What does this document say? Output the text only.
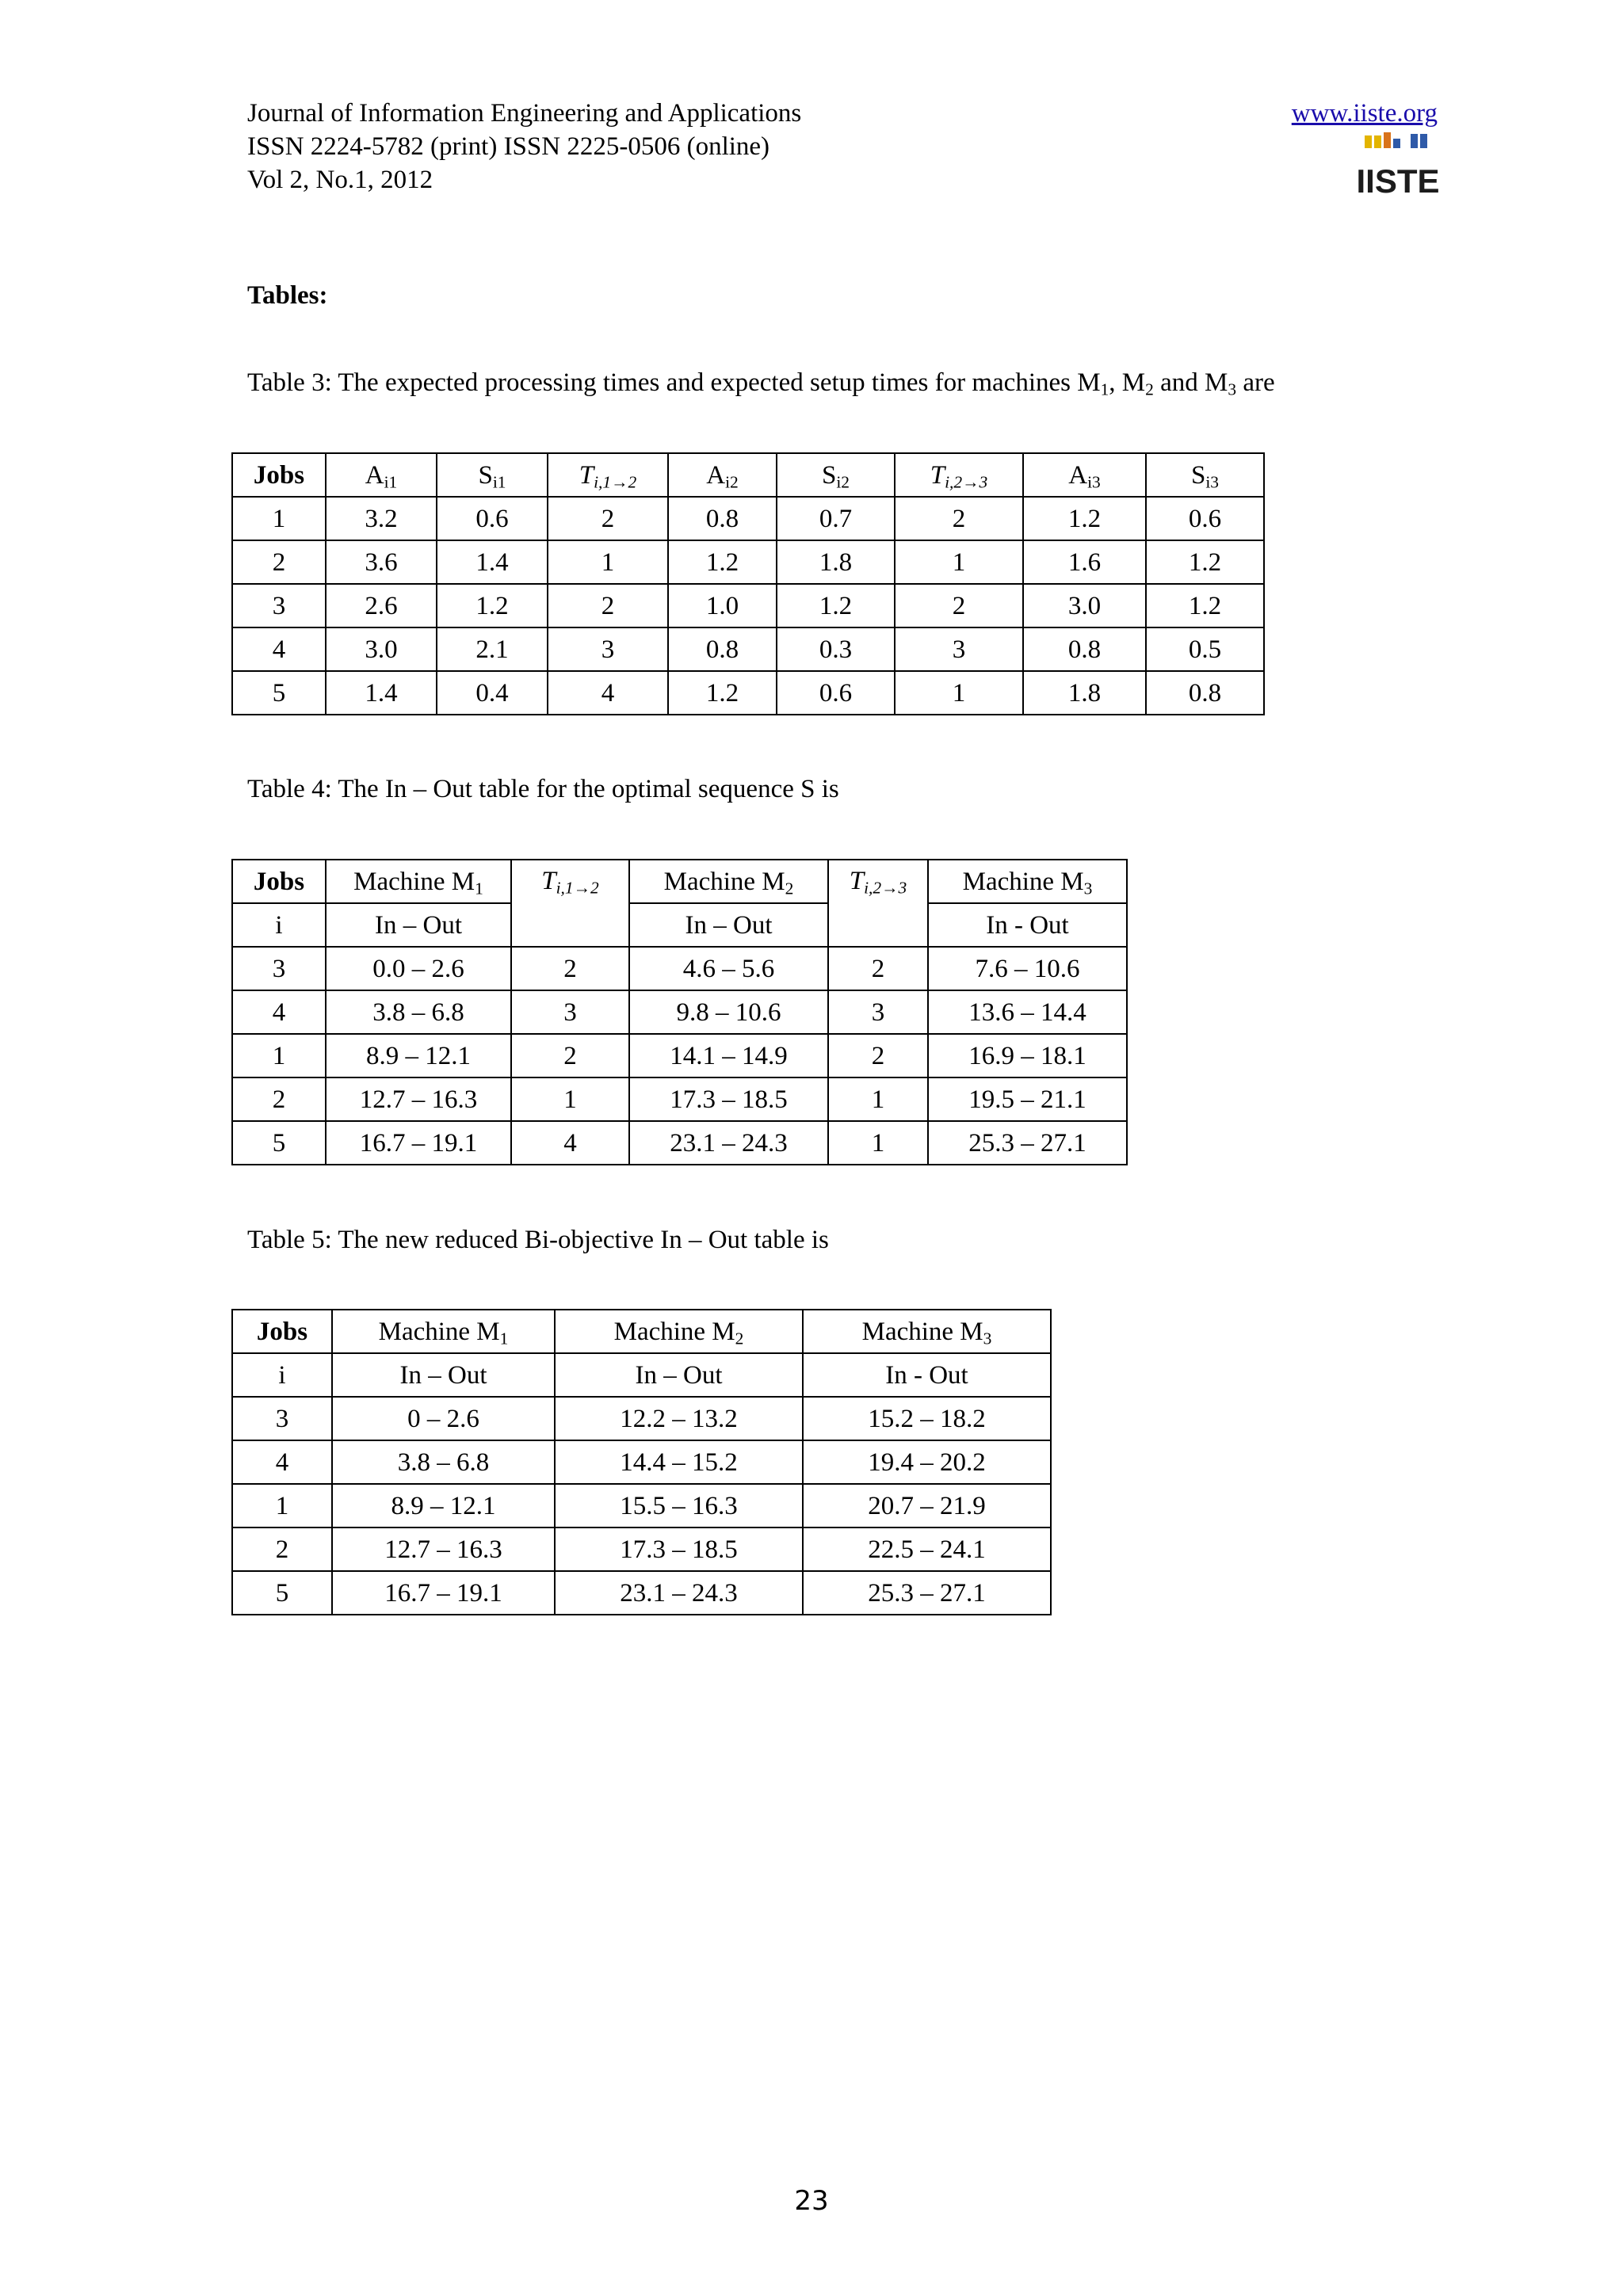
Journal of Information Engineering and Applications
ISSN 2224-5782 (print) ISSN 2225-0506 (online)
Vol 2, No.1, 2012
www.iiste.org
IISTE
Tables:
Table 3: The expected processing times and expected setup times for machines $M_1$, $M_2$ and $M_3$ are
Jobs	$A_{i1}$	$S_{i1}$	$T_{i,1\to 2}$	$A_{i2}$	$S_{i2}$	$T_{i,2\to 3}$	$A_{i3}$	$S_{i3}$
1	3.2	0.6	2	0.8	0.7	2	1.2	0.6
2	3.6	1.4	1	1.2	1.8	1	1.6	1.2
3	2.6	1.2	2	1.0	1.2	2	3.0	1.2
4	3.0	2.1	3	0.8	0.3	3	0.8	0.5
5	1.4	0.4	4	1.2	0.6	1	1.8	0.8
Table 4: The In – Out table for the optimal sequence S is
Jobs	Machine $M_1$	$T_{i,1\to 2}$	Machine $M_2$	$T_{i,2\to 3}$	Machine $M_3$
i	In – Out		In – Out		In - Out
3	0.0 – 2.6	2	4.6 – 5.6	2	7.6 – 10.6
4	3.8 – 6.8	3	9.8 – 10.6	3	13.6 – 14.4
1	8.9 – 12.1	2	14.1 – 14.9	2	16.9 – 18.1
2	12.7 – 16.3	1	17.3 – 18.5	1	19.5 – 21.1
5	16.7 – 19.1	4	23.1 – 24.3	1	25.3 – 27.1
Table 5: The new reduced Bi-objective In – Out table is
Jobs	Machine $M_1$	Machine $M_2$	Machine $M_3$
i	In – Out	In – Out	In - Out
3	0 – 2.6	12.2 – 13.2	15.2 – 18.2
4	3.8 – 6.8	14.4 – 15.2	19.4 – 20.2
1	8.9 – 12.1	15.5 – 16.3	20.7 – 21.9
2	12.7 – 16.3	17.3 – 18.5	22.5 – 24.1
5	16.7 – 19.1	23.1 – 24.3	25.3 – 27.1
23
